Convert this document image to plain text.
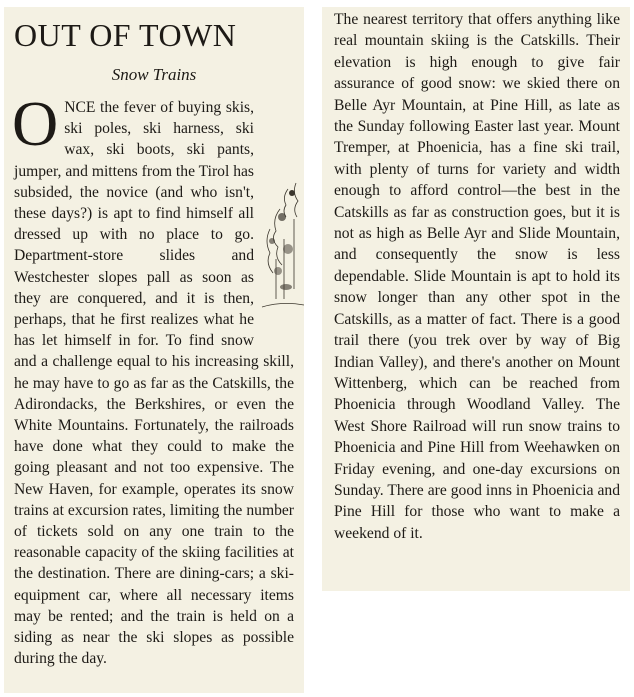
OUT OF TOWN
Snow Trains

O NCE the fever of buying skis, ski poles, ski harness, ski wax, ski boots, ski pants, jumper, and mittens from the Tirol has subsided, the novice (and who isn't, these days?) is apt to find himself all dressed up with no place to go. Department-store slides and Westchester slopes pall as soon as they are conquered, and it is then, perhaps, that he first realizes what he has let himself in for. To find snow and a challenge equal to his increasing skill, he may have to go as far as the Catskills, the Adirondacks, the Berkshires, or even the White Mountains. Fortunately, the railroads have done what they could to make the going pleasant and not too expensive. The New Haven, for example, operates its snow trains at excursion rates, limiting the number of tickets sold on any one train to the reasonable capacity of the skiing facilities at the destination. There are dining-cars; a ski-equipment car, where all necessary items may be rented; and the train is held on a siding as near the ski slopes as possible during the day.

The nearest territory that offers anything like real mountain skiing is the Catskills. Their elevation is high enough to give fair assurance of good snow: we skied there on Belle Ayr Mountain, at Pine Hill, as late as the Sunday following Easter last year. Mount Tremper, at Phoenicia, has a fine ski trail, with plenty of turns for variety and width enough to afford control—the best in the Catskills as far as construction goes, but it is not as high as Belle Ayr and Slide Mountain, and consequently the snow is less dependable. Slide Mountain is apt to hold its snow longer than any other spot in the Catskills, as a matter of fact. There is a good trail there (you trek over by way of Big Indian Valley), and there's another on Mount Wittenberg, which can be reached from Phoenicia through Woodland Valley. The West Shore Railroad will run snow trains to Phoenicia and Pine Hill from Weehawken on Friday evening, and one-day excursions on Sunday. There are good inns in Phoenicia and Pine Hill for those who want to make a weekend of it.
